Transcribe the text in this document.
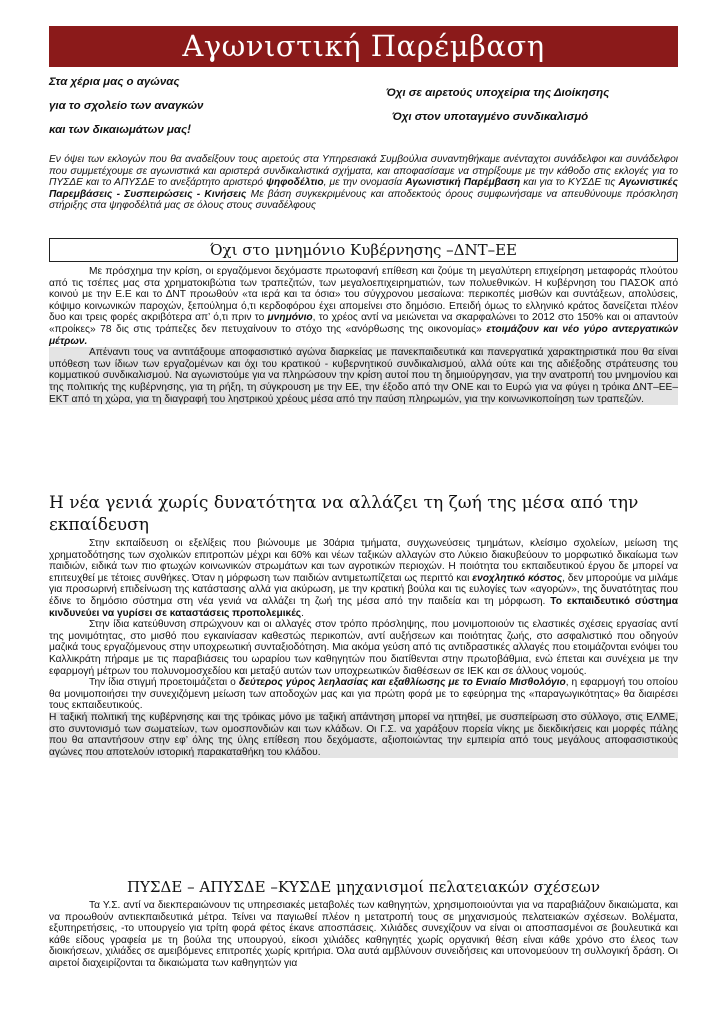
Αγωνιστική Παρέμβαση
Στα χέρια μας ο αγώνας
για το σχολείο των αναγκών
και των δικαιωμάτων μας!
Όχι σε αιρετούς υποχείρια της Διοίκησης
Όχι στον υποταγμένο συνδικαλισμό
Εν όψει των εκλογών που θα αναδείξουν τους αιρετούς στα Υπηρεσιακά Συμβούλια συναντηθήκαμε ανένταχτοι συνάδελφοι και συνάδελφοι που συμμετέχουμε σε αγωνιστικά και αριστερά συνδικαλιστικά σχήματα, και αποφασίσαμε να στηρίξουμε με την κάθοδο στις εκλογές για το ΠΥΣΔΕ και το ΑΠΥΣΔΕ το ανεξάρτητο αριστερό ψηφοδέλτιο, με την ονομασία Αγωνιστική Παρέμβαση και για το ΚΥΣΔΕ τις Αγωνιστικές Παρεμβάσεις - Συσπειρώσεις - Κινήσεις Με βάση συγκεκριμένους και αποδεκτούς όρους συμφωνήσαμε να απευθύνουμε πρόσκληση στήριξης στα ψηφοδέλτιά μας σε όλους στους συναδέλφους
Όχι στο μνημόνιο Κυβέρνησης –ΔΝΤ–ΕΕ

Με πρόσχημα την κρίση, οι εργαζόμενοι δεχόμαστε πρωτοφανή επίθεση και ζούμε τη μεγαλύτερη επιχείρηση μεταφοράς πλούτου από τις τσέπες μας στα χρηματοκιβώτια των τραπεζιτών, των μεγαλοεπιχειρηματιών, των πολυεθνικών. Η κυβέρνηση του ΠΑΣΟΚ από κοινού με την Ε.Ε και το ΔΝΤ προωθούν «τα ιερά και τα όσια» του σύγχρονου μεσαίωνα: περικοπές μισθών και συντάξεων, απολύσεις, κόψιμο κοινωνικών παροχών, ξεπούλημα ό,τι κερδοφόρου έχει απομείνει στο δημόσιο. Επειδή όμως το ελληνικό κράτος δανείζεται πλέον δυο και τρεις φορές ακριβότερα απ’ ό,τι πριν το μνημόνιο, το χρέος αντί να μειώνεται να σκαρφαλώνει το 2012 στο 150% και οι απαντούν «προίκες» 78 δις στις τράπεζες δεν πετυχαίνουν το στόχο της «ανόρθωσης της οικονομίας» ετοιμάζουν και νέο γύρο αντεργατικών μέτρων.

Απέναντι τους να αντιτάξουμε αποφασιστικό αγώνα διαρκείας με πανεκπαιδευτικά και πανεργατικά χαρακτηριστικά που θα είναι υπόθεση των ίδιων των εργαζομένων και όχι του κρατικού - κυβερνητικού συνδικαλισμού, αλλά ούτε και της αδιέξοδης στράτευσης του κομματικού συνδικαλισμού. Να αγωνιστούμε για να πληρώσουν την κρίση αυτοί που τη δημιούργησαν, για την ανατροπή του μνημονίου και της πολιτικής της κυβέρνησης, για τη ρήξη, τη σύγκρουση με την ΕΕ, την έξοδο από την ΟΝΕ και το Ευρώ για να φύγει η τρόικα ΔΝΤ–ΕΕ–ΕΚΤ από τη χώρα, για τη διαγραφή του ληστρικού χρέους μέσα από την παύση πληρωμών, για την κοινωνικοποίηση των τραπεζών.

Η νέα γενιά χωρίς δυνατότητα να αλλάζει τη ζωή της μέσα από την εκπαίδευση

Στην εκπαίδευση οι εξελίξεις που βιώνουμε με 30άρια τμήματα, συγχωνεύσεις τμημάτων, κλείσιμο σχολείων, μείωση της χρηματοδότησης των σχολικών επιτροπών μέχρι και 60% και νέων ταξικών αλλαγών στο Λύκειο διακυβεύουν το μορφωτικό δικαίωμα των παιδιών, ειδικά των πιο φτωχών κοινωνικών στρωμάτων και των αγροτικών περιοχών. Η ποιότητα του εκπαιδευτικού έργου δε μπορεί να επιτευχθεί με τέτοιες συνθήκες. Όταν η μόρφωση των παιδιών αντιμετωπίζεται ως περιττό και ενοχλητικό κόστος, δεν μπορούμε να μιλάμε για προσωρινή επιδείνωση της κατάστασης αλλά για ακύρωση, με την κρατική βούλα και τις ευλογίες των «αγορών», της δυνατότητας που έδινε το δημόσιο σύστημα στη νέα γενιά να αλλάζει τη ζωή της μέσα από την παιδεία και τη μόρφωση. Το εκπαιδευτικό σύστημα κινδυνεύει να γυρίσει σε καταστάσεις προπολεμικές.

Στην ίδια κατεύθυνση σπρώχνουν και οι αλλαγές στον τρόπο πρόσληψης, που μονιμοποιούν τις ελαστικές σχέσεις εργασίας αντί της μονιμότητας, στο μισθό που εγκαινίασαν καθεστώς περικοπών, αντί αυξήσεων και ποιότητας ζωής, στο ασφαλιστικό που οδηγούν μαζικά τους εργαζόμενους στην υποχρεωτική συνταξιοδότηση. Μια ακόμα γεύση από τις αντιδραστικές αλλαγές που ετοιμάζονται ενόψει του Καλλικράτη πήραμε με τις παραβιάσεις του ωραρίου των καθηγητών που διατίθενται στην πρωτοβάθμια, ενώ έπεται και συνέχεια με την εφαρμογή μέτρων του πολυνομοσχεδίου και μεταξύ αυτών των υποχρεωτικών διαθέσεων σε ΙΕΚ και σε άλλους νομούς.

Την ίδια στιγμή προετοιμάζεται ο δεύτερος γύρος λεηλασίας και εξαθλίωσης με το Ενιαίο Μισθολόγιο, η εφαρμογή του οποίου θα μονιμοποιήσει την συνεχιζόμενη μείωση των αποδοχών μας και για πρώτη φορά με το εφεύρημα της «παραγωγικότητας» θα διαιρέσει τους εκπαιδευτικούς.

Η ταξική πολιτική της κυβέρνησης και της τρόικας μόνο με ταξική απάντηση μπορεί να ηττηθεί, με συσπείρωση στο σύλλογο, στις ΕΛΜΕ, στο συντονισμό των σωματείων, των ομοσπονδιών και των κλάδων. Οι Γ.Σ. να χαράξουν πορεία νίκης με διεκδικήσεις και μορφές πάλης που θα απαντήσουν στην εφ’ όλης της ύλης επίθεση που δεχόμαστε, αξιοποιώντας την εμπειρία από τους μεγάλους αποφασιστικούς αγώνες που αποτελούν ιστορική παρακαταθήκη του κλάδου.

ΠΥΣΔΕ – ΑΠΥΣΔΕ –ΚΥΣΔΕ μηχανισμοί πελατειακών σχέσεων

Τα Υ.Σ. αντί να διεκπεραιώνουν τις υπηρεσιακές μεταβολές των καθηγητών, χρησιμοποιούνται για να παραβιάζουν δικαιώματα, και να προωθούν αντιεκπαιδευτικά μέτρα. Τείνει να παγιωθεί πλέον η μετατροπή τους σε μηχανισμούς πελατειακών σχέσεων. Βολέματα, εξυπηρετήσεις, -το υπουργείο για τρίτη φορά φέτος έκανε αποσπάσεις. Χιλιάδες συνεχίζουν να είναι οι αποσπασμένοι σε βουλευτικά και κάθε είδους γραφεία με τη βούλα της υπουργού, είκοσι χιλιάδες καθηγητές χωρίς οργανική θέση είναι κάθε χρόνο στο έλεος των διοικήσεων, χιλιάδες σε αμειβόμενες επιτροπές χωρίς κριτήρια. Όλα αυτά αμβλύνουν συνειδήσεις και υπονομεύουν τη συλλογική δράση. Οι αιρετοί διαχειρίζονται τα δικαιώματα των καθηγητών για
